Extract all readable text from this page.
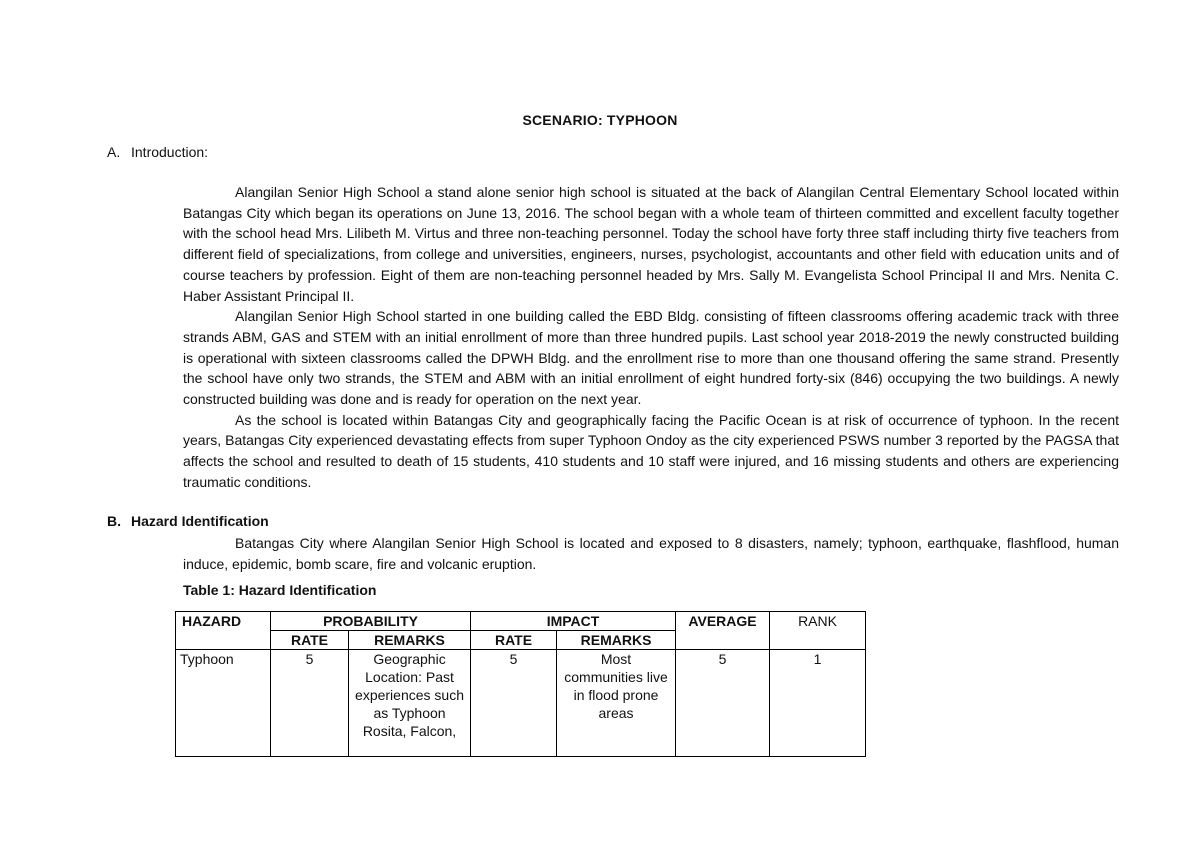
SCENARIO: TYPHOON
A. Introduction:

Alangilan Senior High School a stand alone senior high school is situated at the back of Alangilan Central Elementary School located within Batangas City which began its operations on June 13, 2016. The school began with a whole team of thirteen committed and excellent faculty together with the school head Mrs. Lilibeth M. Virtus and three non-teaching personnel. Today the school have forty three staff including thirty five teachers from different field of specializations, from college and universities, engineers, nurses, psychologist, accountants and other field with education units and of course teachers by profession. Eight of them are non-teaching personnel headed by Mrs. Sally M. Evangelista School Principal II and Mrs. Nenita C. Haber Assistant Principal II.

Alangilan Senior High School started in one building called the EBD Bldg. consisting of fifteen classrooms offering academic track with three strands ABM, GAS and STEM with an initial enrollment of more than three hundred pupils. Last school year 2018-2019 the newly constructed building is operational with sixteen classrooms called the DPWH Bldg. and the enrollment rise to more than one thousand offering the same strand. Presently the school have only two strands, the STEM and ABM with an initial enrollment of eight hundred forty-six (846) occupying the two buildings. A newly constructed building was done and is ready for operation on the next year.

As the school is located within Batangas City and geographically facing the Pacific Ocean is at risk of occurrence of typhoon. In the recent years, Batangas City experienced devastating effects from super Typhoon Ondoy as the city experienced PSWS number 3 reported by the PAGSA that affects the school and resulted to death of 15 students, 410 students and 10 staff were injured, and 16 missing students and others are experiencing traumatic conditions.

B. Hazard Identification

Batangas City where Alangilan Senior High School is located and exposed to 8 disasters, namely; typhoon, earthquake, flashflood, human induce, epidemic, bomb scare, fire and volcanic eruption.

Table 1: Hazard Identification
HAZARD	PROBABILITY		IMPACT		AVERAGE	RANK
	RATE	REMARKS	RATE	REMARKS		
Typhoon	5	Geographic Location: Past experiences such as Typhoon Rosita, Falcon,	5	Most communities live in flood prone areas	5	1
